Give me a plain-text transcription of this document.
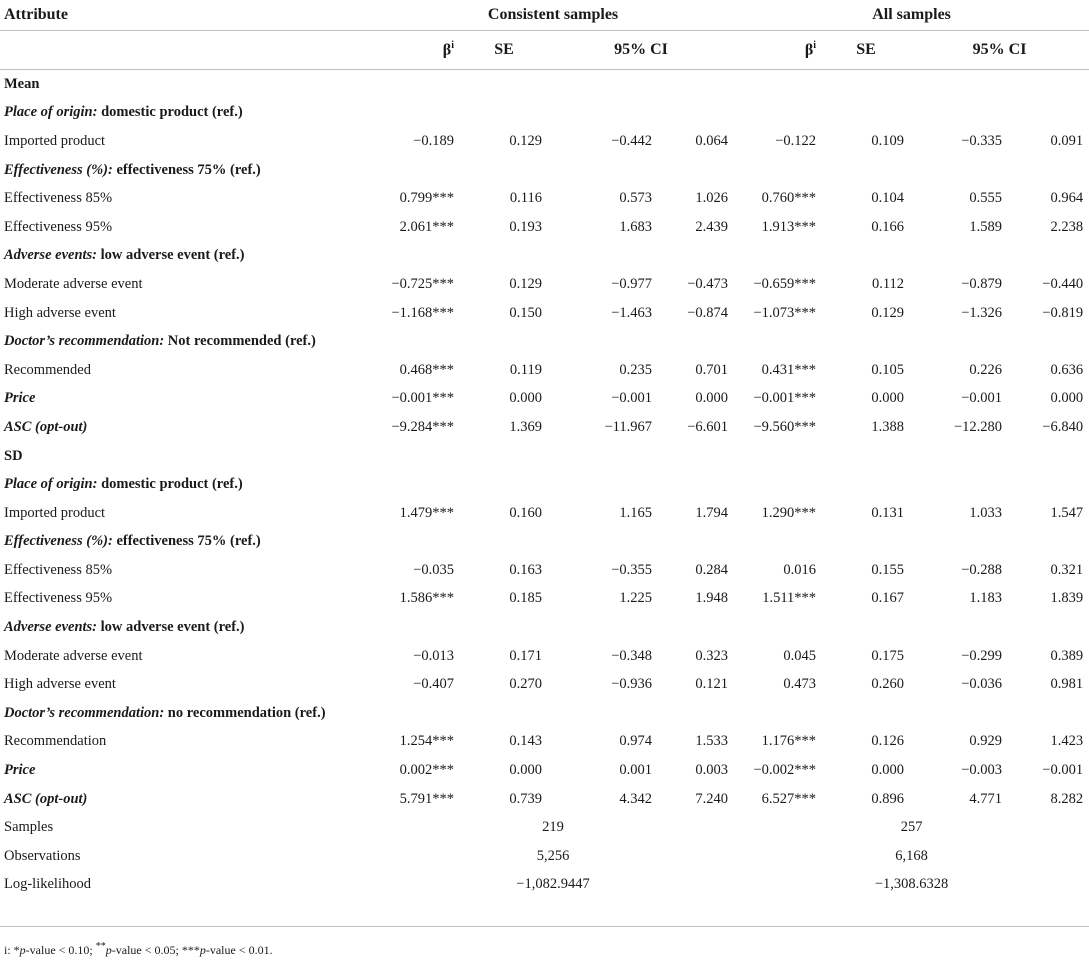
Attribute	Consistent samples				All samples			
	$\beta^i$	SE	95% CI		$\beta^i$	SE	95% CI	
Mean								
Place of origin: domestic product (ref.)								
Imported product	−0.189	0.129	−0.442	0.064	−0.122	0.109	−0.335	0.091
Effectiveness (%): effectiveness 75% (ref.)								
Effectiveness 85%	0.799***	0.116	0.573	1.026	0.760***	0.104	0.555	0.964
Effectiveness 95%	2.061***	0.193	1.683	2.439	1.913***	0.166	1.589	2.238
Adverse events: low adverse event (ref.)								
Moderate adverse event	−0.725***	0.129	−0.977	−0.473	−0.659***	0.112	−0.879	−0.440
High adverse event	−1.168***	0.150	−1.463	−0.874	−1.073***	0.129	−1.326	−0.819
Doctor’s recommendation: Not recommended (ref.)								
Recommended	0.468***	0.119	0.235	0.701	0.431***	0.105	0.226	0.636
Price	−0.001***	0.000	−0.001	0.000	−0.001***	0.000	−0.001	0.000
ASC (opt-out)	−9.284***	1.369	−11.967	−6.601	−9.560***	1.388	−12.280	−6.840
SD								
Place of origin: domestic product (ref.)								
Imported product	1.479***	0.160	1.165	1.794	1.290***	0.131	1.033	1.547
Effectiveness (%): effectiveness 75% (ref.)								
Effectiveness 85%	−0.035	0.163	−0.355	0.284	0.016	0.155	−0.288	0.321
Effectiveness 95%	1.586***	0.185	1.225	1.948	1.511***	0.167	1.183	1.839
Adverse events: low adverse event (ref.)								
Moderate adverse event	−0.013	0.171	−0.348	0.323	0.045	0.175	−0.299	0.389
High adverse event	−0.407	0.270	−0.936	0.121	0.473	0.260	−0.036	0.981
Doctor’s recommendation: no recommendation (ref.)								
Recommendation	1.254***	0.143	0.974	1.533	1.176***	0.126	0.929	1.423
Price	0.002***	0.000	0.001	0.003	−0.002***	0.000	−0.003	−0.001
ASC (opt-out)	5.791***	0.739	4.342	7.240	6.527***	0.896	4.771	8.282
Samples	219				257			
Observations	5,256				6,168			
Log-likelihood	−1,082.9447				−1,308.6328			
i: *p-value < 0.10; **p-value < 0.05; ***p-value < 0.01.
